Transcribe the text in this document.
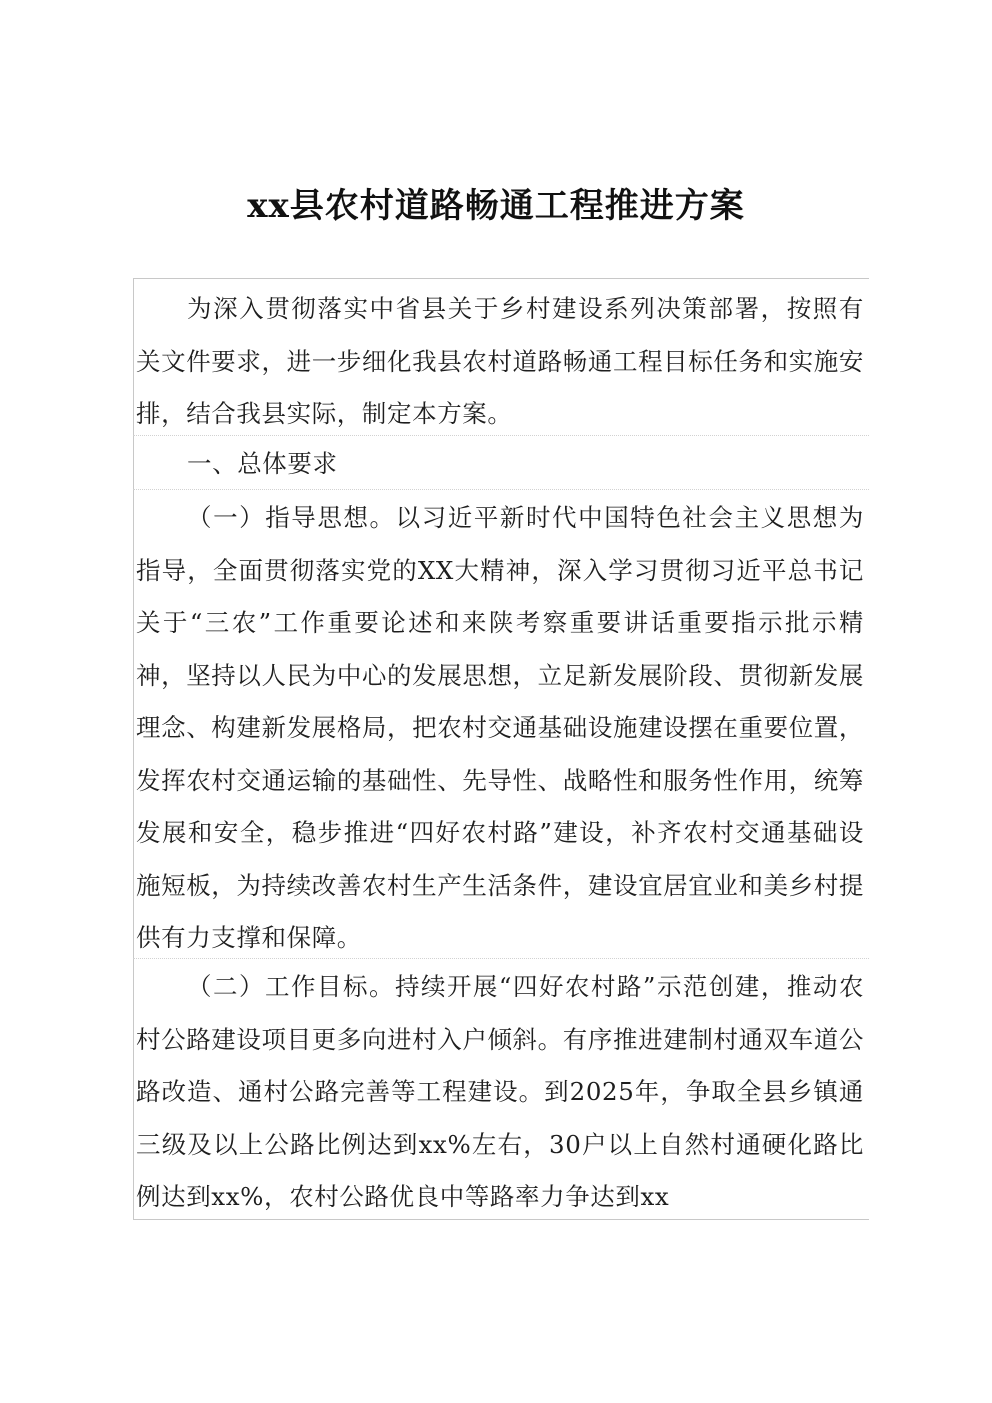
xx县农村道路畅通工程推进方案

为深入贯彻落实中省县关于乡村建设系列决策部署，按照有关文件要求，进一步细化我县农村道路畅通工程目标任务和实施安排，结合我县实际，制定本方案。

一、总体要求

（一）指导思想。以习近平新时代中国特色社会主义思想为指导，全面贯彻落实党的XX大精神，深入学习贯彻习近平总书记关于“三农”工作重要论述和来陕考察重要讲话重要指示批示精神，坚持以人民为中心的发展思想，立足新发展阶段、贯彻新发展理念、构建新发展格局，把农村交通基础设施建设摆在重要位置，发挥农村交通运输的基础性、先导性、战略性和服务性作用，统筹发展和安全，稳步推进“四好农村路”建设，补齐农村交通基础设施短板，为持续改善农村生产生活条件，建设宜居宜业和美乡村提供有力支撑和保障。

（二）工作目标。持续开展“四好农村路”示范创建，推动农村公路建设项目更多向进村入户倾斜。有序推进建制村通双车道公路改造、通村公路完善等工程建设。到2025年，争取全县乡镇通三级及以上公路比例达到xx%左右，30户以上自然村通硬化路比例达到xx%，农村公路优良中等路率力争达到xx
